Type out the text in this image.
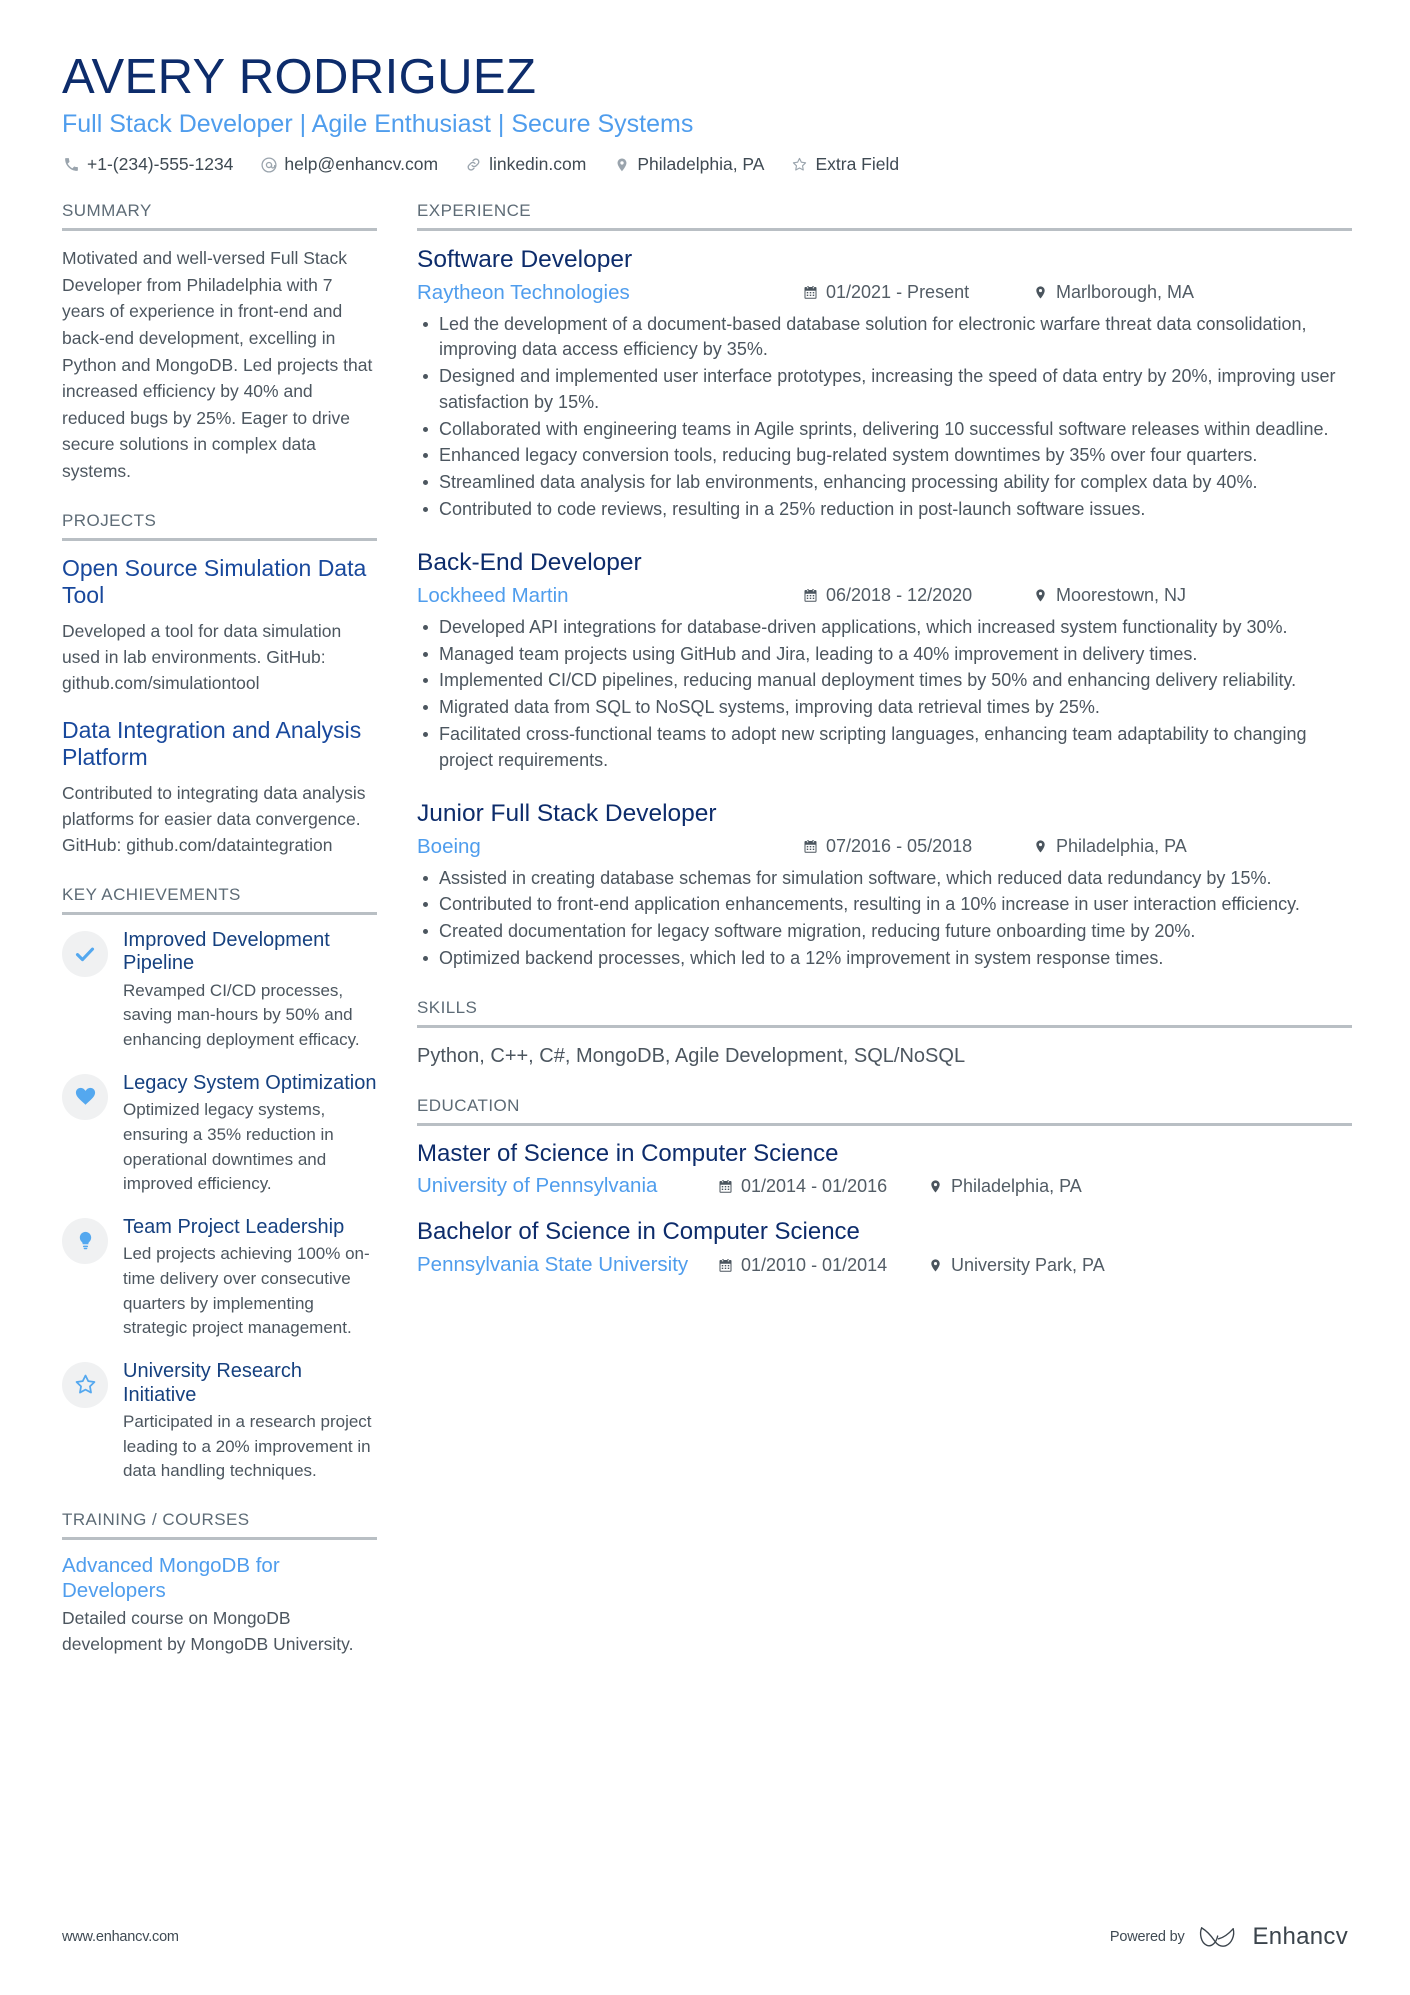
AVERY RODRIGUEZ
Full Stack Developer | Agile Enthusiast | Secure Systems
+1-(234)-555-1234	help@enhancv.com	linkedin.com	Philadelphia, PA	Extra Field
SUMMARY
Motivated and well-versed Full Stack Developer from Philadelphia with 7 years of experience in front-end and back-end development, excelling in Python and MongoDB. Led projects that increased efficiency by 40% and reduced bugs by 25%. Eager to drive secure solutions in complex data systems.
PROJECTS
Open Source Simulation Data Tool
Developed a tool for data simulation used in lab environments. GitHub: github.com/simulationtool
Data Integration and Analysis Platform
Contributed to integrating data analysis platforms for easier data convergence. GitHub: github.com/dataintegration
KEY ACHIEVEMENTS
Improved Development Pipeline
Revamped CI/CD processes, saving man-hours by 50% and enhancing deployment efficacy.
Legacy System Optimization
Optimized legacy systems, ensuring a 35% reduction in operational downtimes and improved efficiency.
Team Project Leadership
Led projects achieving 100% on-time delivery over consecutive quarters by implementing strategic project management.
University Research Initiative
Participated in a research project leading to a 20% improvement in data handling techniques.
TRAINING / COURSES
Advanced MongoDB for Developers
Detailed course on MongoDB development by MongoDB University.
EXPERIENCE
Software Developer
Raytheon Technologies	01/2021 - Present	Marlborough, MA
Led the development of a document-based database solution for electronic warfare threat data consolidation, improving data access efficiency by 35%.
Designed and implemented user interface prototypes, increasing the speed of data entry by 20%, improving user satisfaction by 15%.
Collaborated with engineering teams in Agile sprints, delivering 10 successful software releases within deadline.
Enhanced legacy conversion tools, reducing bug-related system downtimes by 35% over four quarters.
Streamlined data analysis for lab environments, enhancing processing ability for complex data by 40%.
Contributed to code reviews, resulting in a 25% reduction in post-launch software issues.
Back-End Developer
Lockheed Martin	06/2018 - 12/2020	Moorestown, NJ
Developed API integrations for database-driven applications, which increased system functionality by 30%.
Managed team projects using GitHub and Jira, leading to a 40% improvement in delivery times.
Implemented CI/CD pipelines, reducing manual deployment times by 50% and enhancing delivery reliability.
Migrated data from SQL to NoSQL systems, improving data retrieval times by 25%.
Facilitated cross-functional teams to adopt new scripting languages, enhancing team adaptability to changing project requirements.
Junior Full Stack Developer
Boeing	07/2016 - 05/2018	Philadelphia, PA
Assisted in creating database schemas for simulation software, which reduced data redundancy by 15%.
Contributed to front-end application enhancements, resulting in a 10% increase in user interaction efficiency.
Created documentation for legacy software migration, reducing future onboarding time by 20%.
Optimized backend processes, which led to a 12% improvement in system response times.
SKILLS
Python, C++, C#, MongoDB, Agile Development, SQL/NoSQL
EDUCATION
Master of Science in Computer Science
University of Pennsylvania	01/2014 - 01/2016	Philadelphia, PA
Bachelor of Science in Computer Science
Pennsylvania State University	01/2010 - 01/2014	University Park, PA
www.enhancv.com	Powered by	Enhancv
